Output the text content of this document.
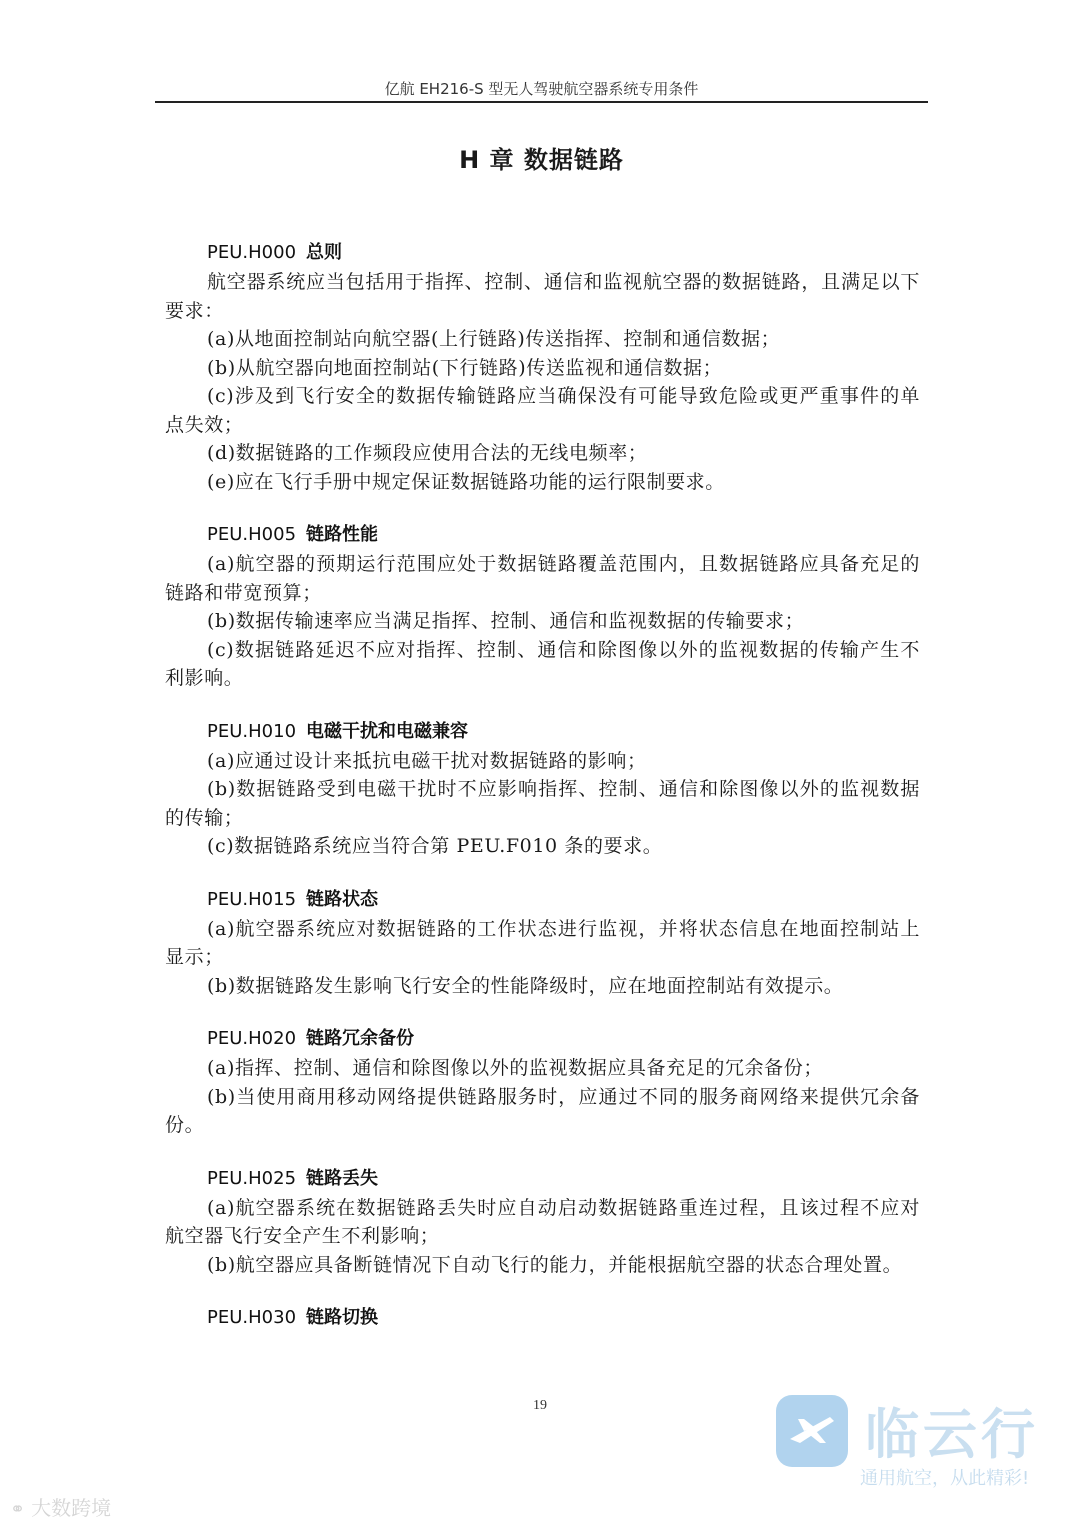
亿航 EH216-S 型无人驾驶航空器系统专用条件
H 章 数据链路
PEU.H000 总则

航空器系统应当包括用于指挥、控制、通信和监视航空器的数据链路，且满足以下要求：

(a)从地面控制站向航空器(上行链路)传送指挥、控制和通信数据；

(b)从航空器向地面控制站(下行链路)传送监视和通信数据；

(c)涉及到飞行安全的数据传输链路应当确保没有可能导致危险或更严重事件的单点失效；

(d)数据链路的工作频段应使用合法的无线电频率；

(e)应在飞行手册中规定保证数据链路功能的运行限制要求。

PEU.H005 链路性能

(a)航空器的预期运行范围应处于数据链路覆盖范围内，且数据链路应具备充足的链路和带宽预算；

(b)数据传输速率应当满足指挥、控制、通信和监视数据的传输要求；

(c)数据链路延迟不应对指挥、控制、通信和除图像以外的监视数据的传输产生不利影响。

PEU.H010 电磁干扰和电磁兼容

(a)应通过设计来抵抗电磁干扰对数据链路的影响；

(b)数据链路受到电磁干扰时不应影响指挥、控制、通信和除图像以外的监视数据的传输；

(c)数据链路系统应当符合第 PEU.F010 条的要求。

PEU.H015 链路状态

(a)航空器系统应对数据链路的工作状态进行监视，并将状态信息在地面控制站上显示；

(b)数据链路发生影响飞行安全的性能降级时，应在地面控制站有效提示。

PEU.H020 链路冗余备份

(a)指挥、控制、通信和除图像以外的监视数据应具备充足的冗余备份；

(b)当使用商用移动网络提供链路服务时，应通过不同的服务商网络来提供冗余备份。

PEU.H025 链路丢失

(a)航空器系统在数据链路丢失时应自动启动数据链路重连过程，且该过程不应对航空器飞行安全产生不利影响；

(b)航空器应具备断链情况下自动飞行的能力，并能根据航空器的状态合理处置。

PEU.H030 链路切换
19	临云行
通用航空，从此精彩!
⚭ 大数跨境
